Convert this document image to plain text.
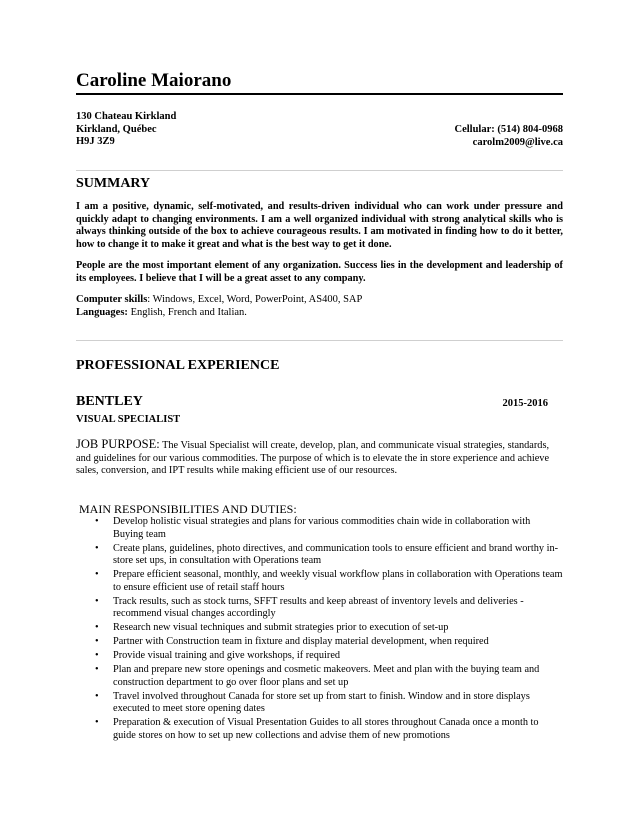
Caroline Maiorano
130 Chateau Kirkland
Kirkland, Québec
H9J 3Z9
Cellular: (514) 804-0968
carolm2009@live.ca
SUMMARY
I am a positive, dynamic, self-motivated, and results-driven individual who can work under pressure and quickly adapt to changing environments. I am a well organized individual with strong analytical skills who is always thinking outside of the box to achieve courageous results. I am motivated in finding how to do it better, how to change it to make it great and what is the best way to get it done.
People are the most important element of any organization. Success lies in the development and leadership of its employees. I believe that I will be a great asset to any company.
Computer skills: Windows, Excel, Word, PowerPoint, AS400, SAP
Languages: English, French and Italian.
PROFESSIONAL EXPERIENCE
BENTLEY	2015-2016
VISUAL SPECIALIST
JOB PURPOSE: The Visual Specialist will create, develop, plan, and communicate visual strategies, standards, and guidelines for our various commodities. The purpose of which is to elevate the in store experience and achieve sales, conversion, and IPT results while making efficient use of our resources.
MAIN RESPONSIBILITIES AND DUTIES:
• Develop holistic visual strategies and plans for various commodities chain wide in collaboration with Buying team
• Create plans, guidelines, photo directives, and communication tools to ensure efficient and brand worthy in-store set ups, in consultation with Operations team
• Prepare efficient seasonal, monthly, and weekly visual workflow plans in collaboration with Operations team to ensure efficient use of retail staff hours
• Track results, such as stock turns, SFFT results and keep abreast of inventory levels and deliveries - recommend visual changes accordingly
• Research new visual techniques and submit strategies prior to execution of set-up
• Partner with Construction team in fixture and display material development, when required
• Provide visual training and give workshops, if required
• Plan and prepare new store openings and cosmetic makeovers. Meet and plan with the buying team and construction department to go over floor plans and set up
• Travel involved throughout Canada for store set up from start to finish. Window and in store displays executed to meet store opening dates
• Preparation & execution of Visual Presentation Guides to all stores throughout Canada once a month to guide stores on how to set up new collections and advise them of new promotions
